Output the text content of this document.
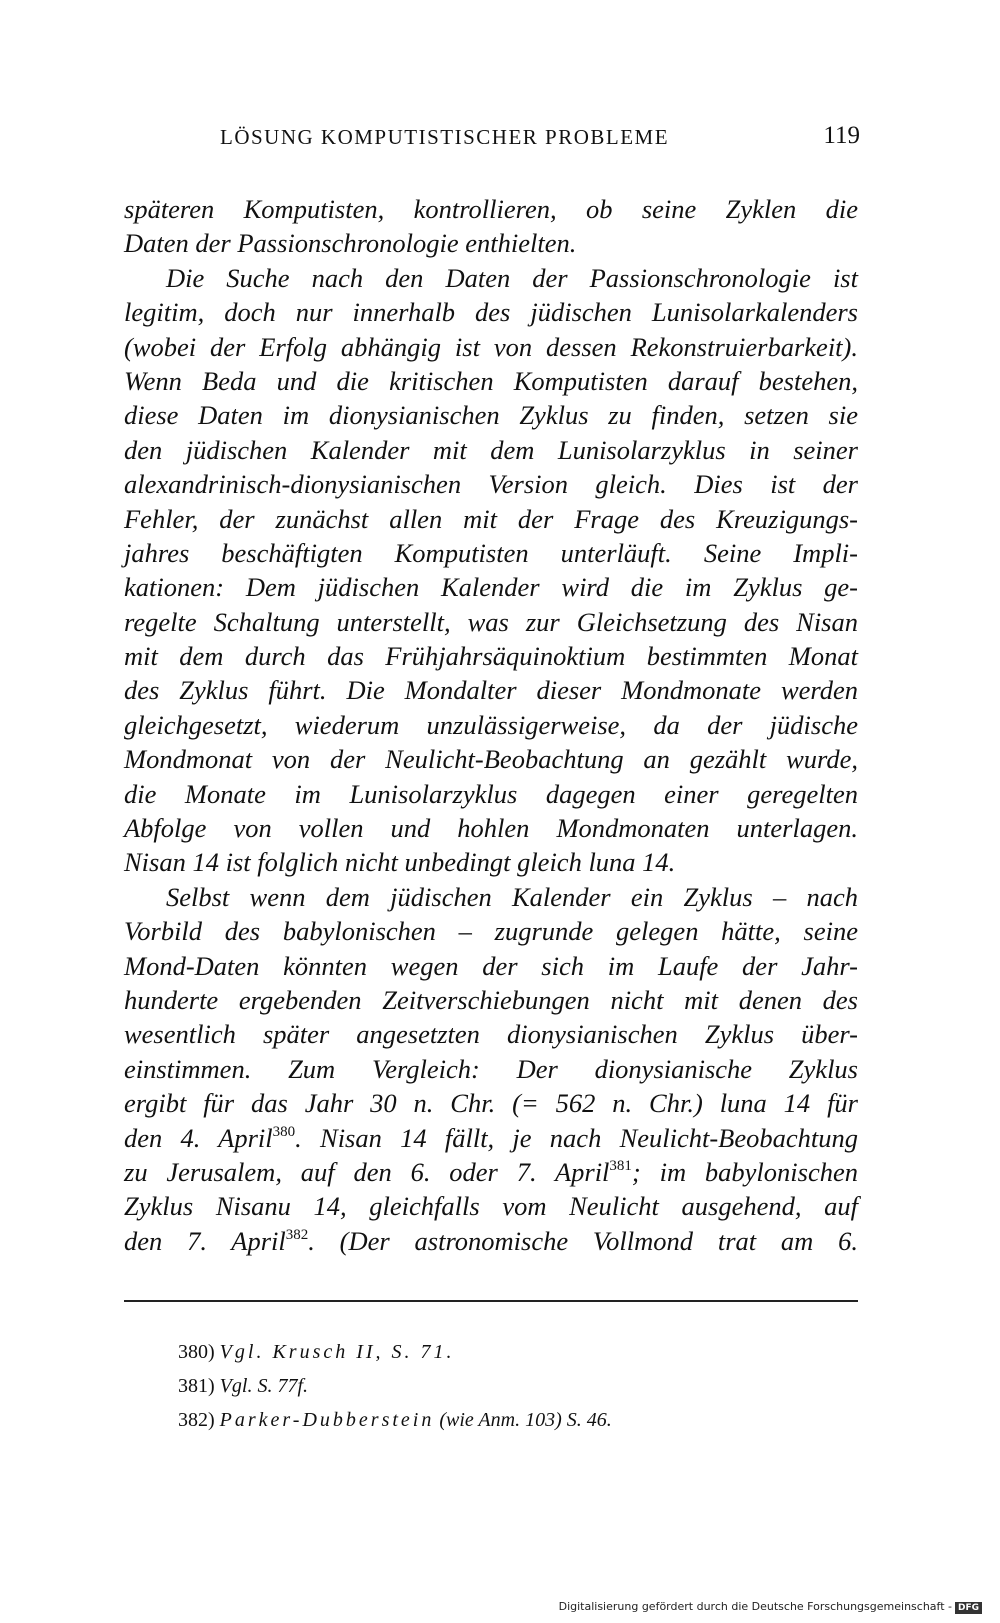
LÖSUNG KOMPUTISTISCHER PROBLEME	119
späteren Komputisten, kontrollieren, ob seine Zyklen die
Daten der Passionschronologie enthielten.
Die Suche nach den Daten der Passionschronologie ist
legitim, doch nur innerhalb des jüdischen Lunisolarkalenders
(wobei der Erfolg abhängig ist von dessen Rekonstruierbarkeit).
Wenn Beda und die kritischen Komputisten darauf bestehen,
diese Daten im dionysianischen Zyklus zu finden, setzen sie
den jüdischen Kalender mit dem Lunisolarzyklus in seiner
alexandrinisch-dionysianischen Version gleich. Dies ist der
Fehler, der zunächst allen mit der Frage des Kreuzigungs-
jahres beschäftigten Komputisten unterläuft. Seine Impli-
kationen: Dem jüdischen Kalender wird die im Zyklus ge-
regelte Schaltung unterstellt, was zur Gleichsetzung des Nisan
mit dem durch das Frühjahrsäquinoktium bestimmten Monat
des Zyklus führt. Die Mondalter dieser Mondmonate werden
gleichgesetzt, wiederum unzulässigerweise, da der jüdische
Mondmonat von der Neulicht-Beobachtung an gezählt wurde,
die Monate im Lunisolarzyklus dagegen einer geregelten
Abfolge von vollen und hohlen Mondmonaten unterlagen.
Nisan 14 ist folglich nicht unbedingt gleich luna 14.
Selbst wenn dem jüdischen Kalender ein Zyklus – nach
Vorbild des babylonischen – zugrunde gelegen hätte, seine
Mond-Daten könnten wegen der sich im Laufe der Jahr-
hunderte ergebenden Zeitverschiebungen nicht mit denen des
wesentlich später angesetzten dionysianischen Zyklus über-
einstimmen. Zum Vergleich: Der dionysianische Zyklus
ergibt für das Jahr 30 n. Chr. (= 562 n. Chr.) luna 14 für
den 4. April$^{380}$. Nisan 14 fällt, je nach Neulicht-Beobachtung
zu Jerusalem, auf den 6. oder 7. April$^{381}$; im babylonischen
Zyklus Nisanu 14, gleichfalls vom Neulicht ausgehend, auf
den 7. April$^{382}$. (Der astronomische Vollmond trat am 6.
380) Vgl. Krusch II, S. 71.
381) Vgl. S. 77f.
382) Parker-Dubberstein (wie Anm. 103) S. 46.
Digitalisierung gefördert durch die Deutsche Forschungsgemeinschaft - DFG
